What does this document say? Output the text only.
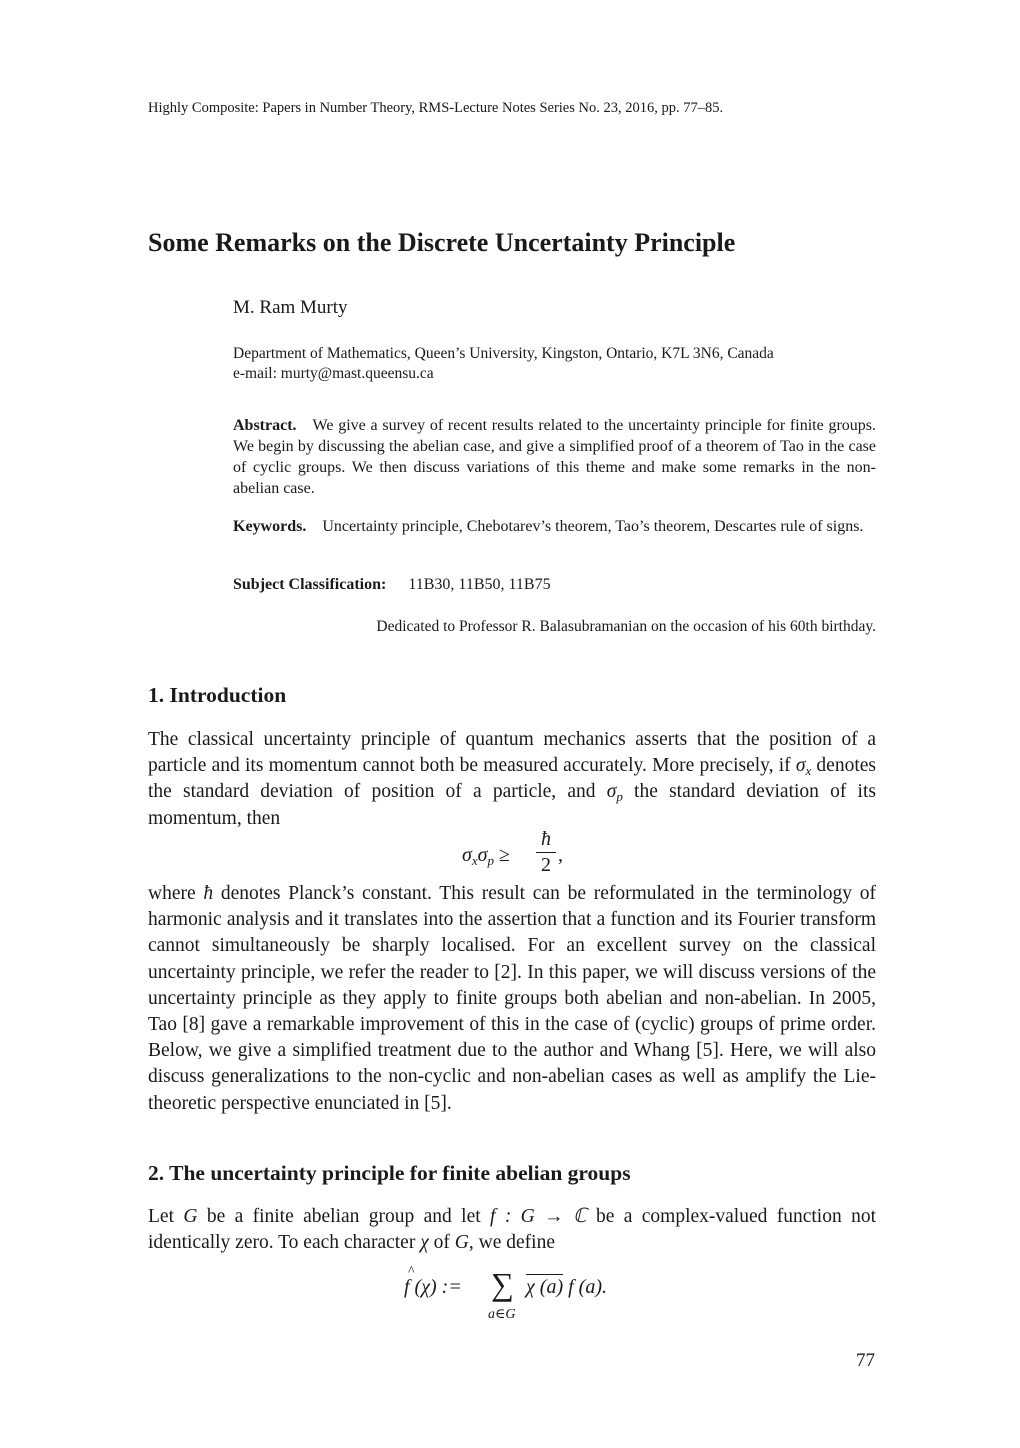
Highly Composite: Papers in Number Theory, RMS-Lecture Notes Series No. 23, 2016, pp. 77–85.
Some Remarks on the Discrete Uncertainty Principle
M. Ram Murty
Department of Mathematics, Queen’s University, Kingston, Ontario, K7L 3N6, Canada
e-mail: murty@mast.queensu.ca
Abstract. We give a survey of recent results related to the uncertainty principle for finite groups. We begin by discussing the abelian case, and give a simplified proof of a theorem of Tao in the case of cyclic groups. We then discuss variations of this theme and make some remarks in the non-abelian case.
Keywords. Uncertainty principle, Chebotarev’s theorem, Tao’s theorem, Descartes rule of signs.
Subject Classification: 11B30, 11B50, 11B75
Dedicated to Professor R. Balasubramanian on the occasion of his 60th birthday.
1. Introduction
The classical uncertainty principle of quantum mechanics asserts that the position of a particle and its momentum cannot both be measured accurately. More precisely, if $\sigma_x$ denotes the standard deviation of position of a particle, and $\sigma_p$ the standard deviation of its momentum, then
$\sigma_x\sigma_p$ ≥
ħ
2 ,
where ħ denotes Planck’s constant. This result can be reformulated in the terminology of harmonic analysis and it translates into the assertion that a function and its Fourier transform cannot simultaneously be sharply localised. For an excellent survey on the classical uncertainty principle, we refer the reader to [2]. In this paper, we will discuss versions of the uncertainty principle as they apply to finite groups both abelian and non-abelian. In 2005, Tao [8] gave a remarkable improvement of this in the case of (cyclic) groups of prime order. Below, we give a simplified treatment due to the author and Whang [5]. Here, we will also discuss generalizations to the non-cyclic and non-abelian cases as well as amplify the Lie-theoretic perspective enunciated in [5].
2. The uncertainty principle for finite abelian groups
Let G be a finite abelian group and let f : G → ℂ be a complex-valued function not identically zero. To each character χ of G, we define
^
f (χ) := ∑
a∈G
χ (a) f (a).
77
